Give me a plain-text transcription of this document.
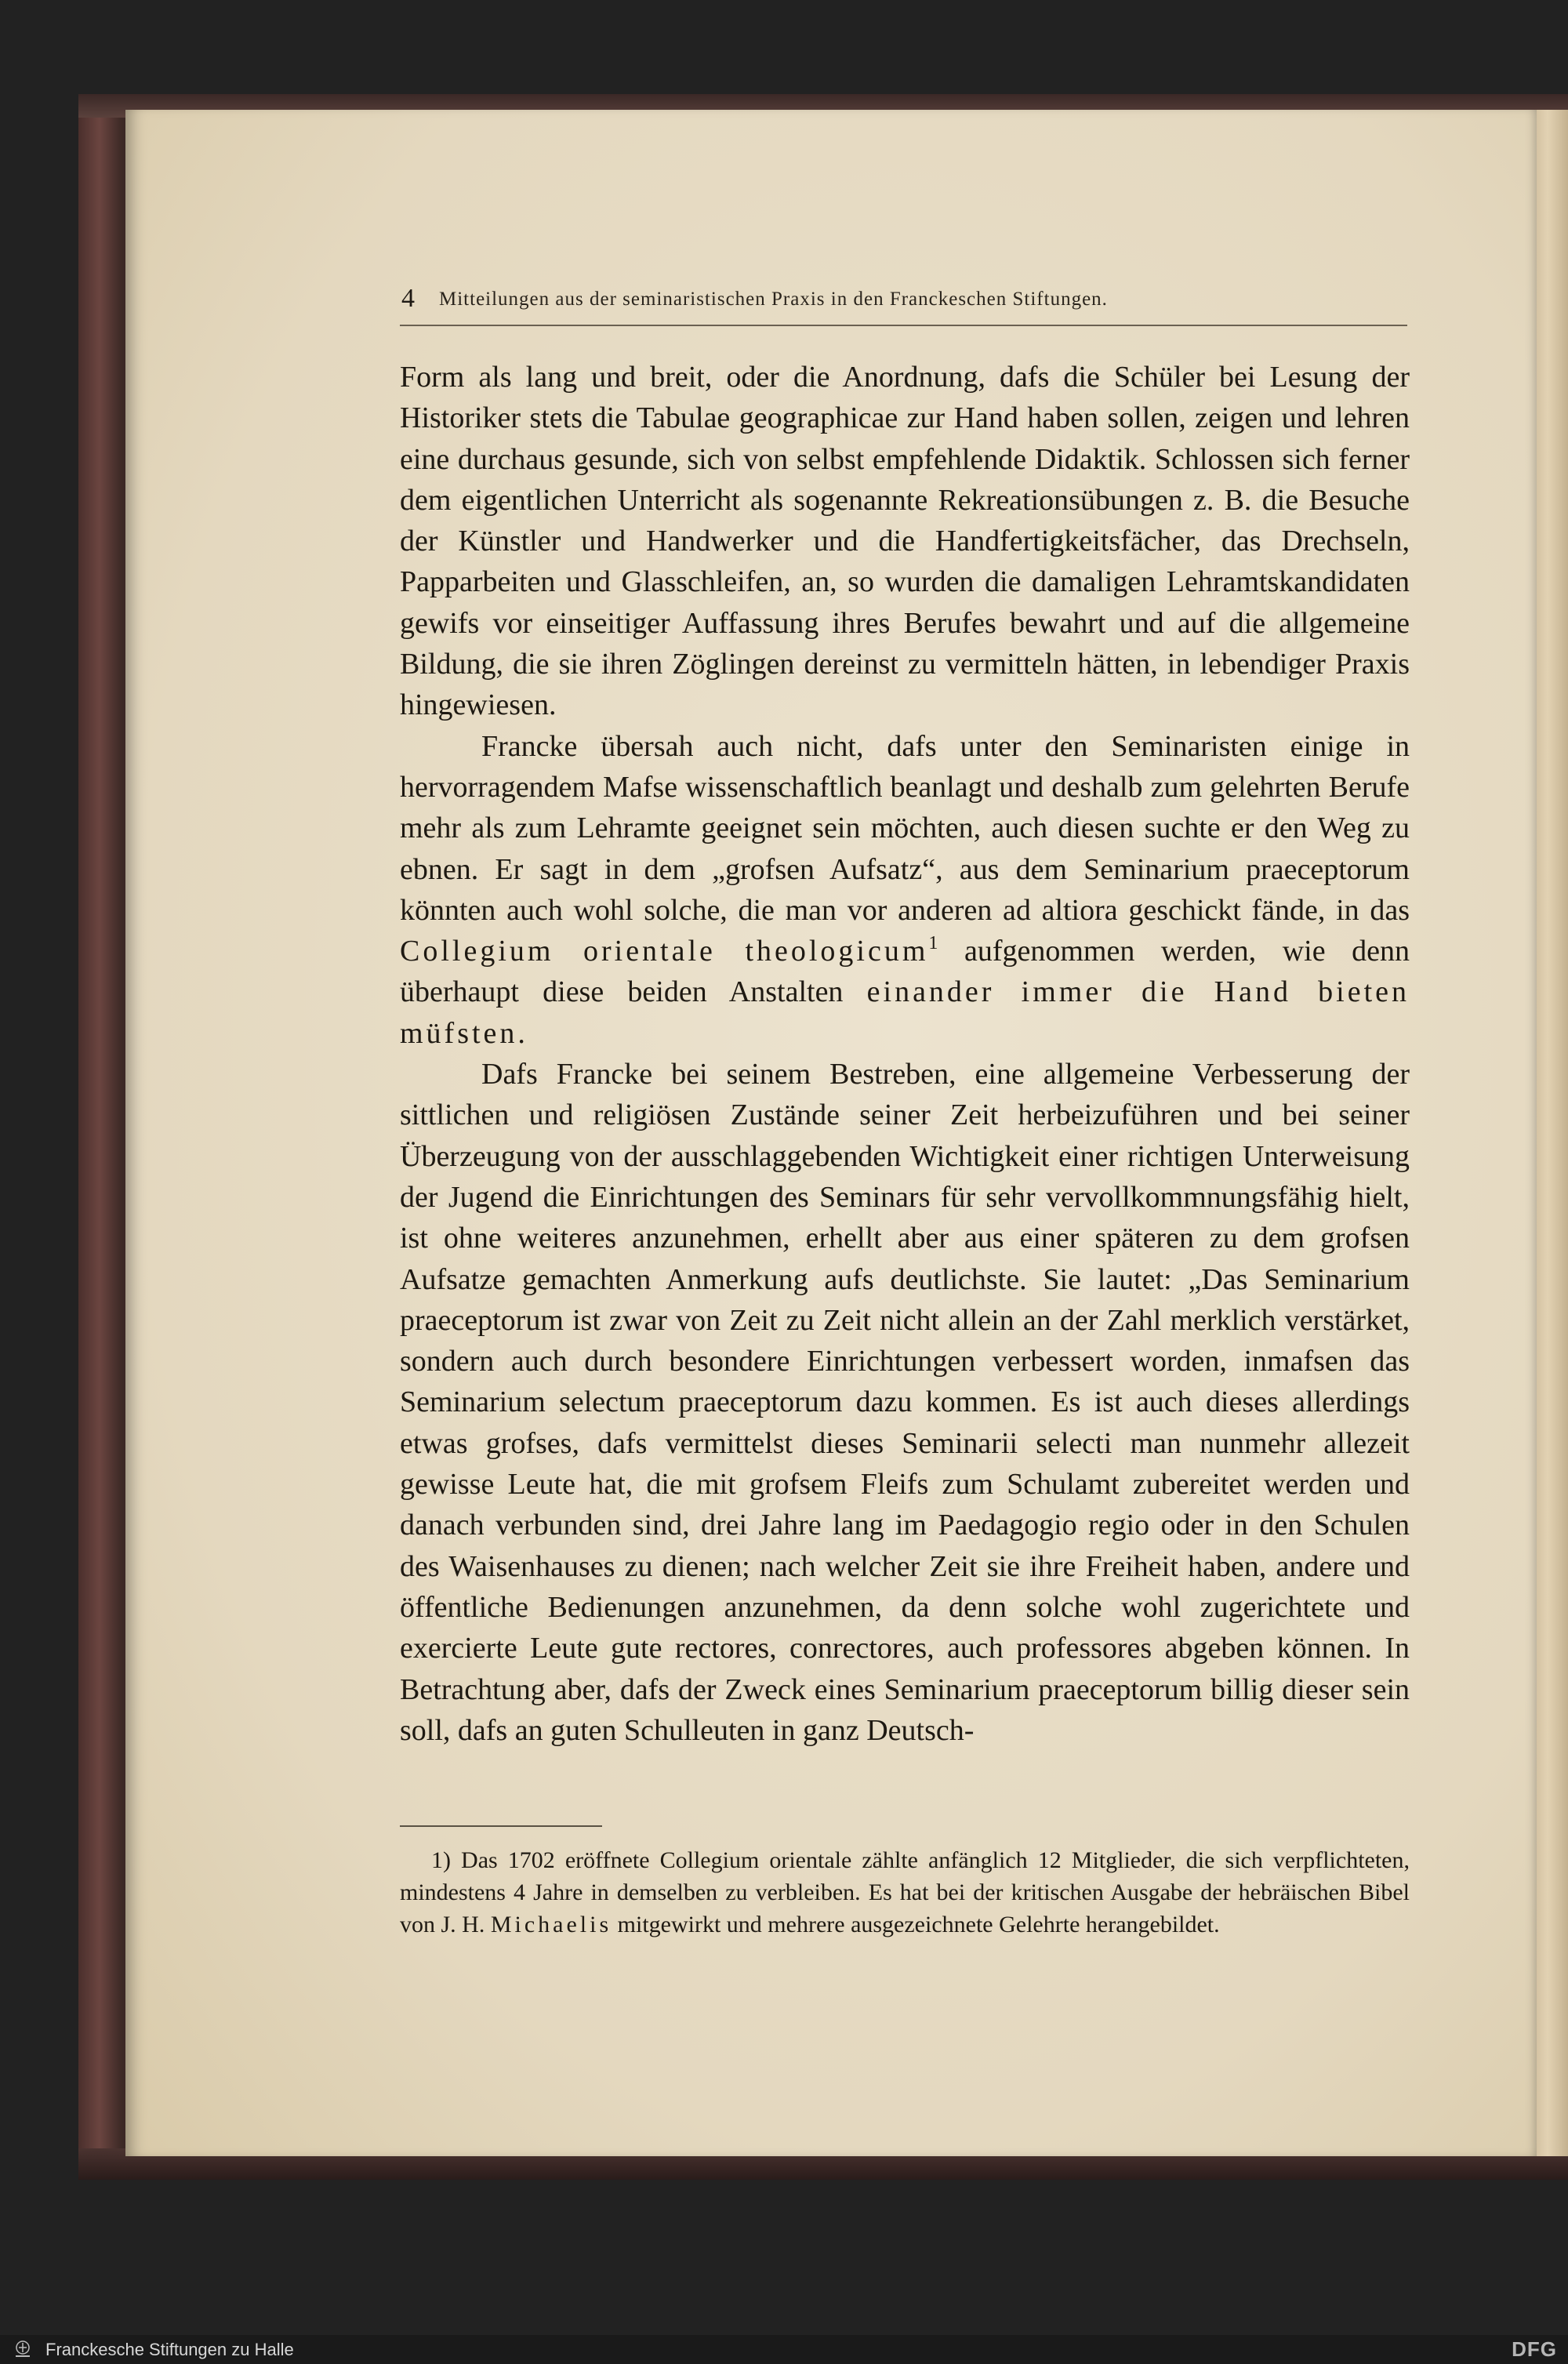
4 Mitteilungen aus der seminaristischen Praxis in den Franckeschen Stiftungen.

Form als lang und breit, oder die Anordnung, dafs die Schüler bei Lesung der Historiker stets die Tabulae geographicae zur Hand haben sollen, zeigen und lehren eine durchaus gesunde, sich von selbst empfehlende Didaktik. Schlossen sich ferner dem eigentlichen Unterricht als sogenannte Rekreationsübungen z. B. die Besuche der Künstler und Handwerker und die Handfertigkeitsfächer, das Drechseln, Papparbeiten und Glasschleifen, an, so wurden die damaligen Lehramtskandidaten gewifs vor einseitiger Auffassung ihres Berufes bewahrt und auf die allgemeine Bildung, die sie ihren Zöglingen dereinst zu vermitteln hätten, in lebendiger Praxis hingewiesen.

Francke übersah auch nicht, dafs unter den Seminaristen einige in hervorragendem Mafse wissenschaftlich beanlagt und deshalb zum gelehrten Berufe mehr als zum Lehramte geeignet sein möchten, auch diesen suchte er den Weg zu ebnen. Er sagt in dem „grofsen Aufsatz“, aus dem Seminarium praeceptorum könnten auch wohl solche, die man vor anderen ad altiora geschickt fände, in das Collegium orientale theologicum$^1$ aufgenommen werden, wie denn überhaupt diese beiden Anstalten einander immer die Hand bieten müfsten.

Dafs Francke bei seinem Bestreben, eine allgemeine Verbesserung der sittlichen und religiösen Zustände seiner Zeit herbeizuführen und bei seiner Überzeugung von der ausschlaggebenden Wichtigkeit einer richtigen Unterweisung der Jugend die Einrichtungen des Seminars für sehr vervollkommnungsfähig hielt, ist ohne weiteres anzunehmen, erhellt aber aus einer späteren zu dem grofsen Aufsatze gemachten Anmerkung aufs deutlichste. Sie lautet: „Das Seminarium praeceptorum ist zwar von Zeit zu Zeit nicht allein an der Zahl merklich verstärket, sondern auch durch besondere Einrichtungen verbessert worden, inmafsen das Seminarium selectum praeceptorum dazu kommen. Es ist auch dieses allerdings etwas grofses, dafs vermittelst dieses Seminarii selecti man nunmehr allezeit gewisse Leute hat, die mit grofsem Fleifs zum Schulamt zubereitet werden und danach verbunden sind, drei Jahre lang im Paedagogio regio oder in den Schulen des Waisenhauses zu dienen; nach welcher Zeit sie ihre Freiheit haben, andere und öffentliche Bedienungen anzunehmen, da denn solche wohl zugerichtete und exercierte Leute gute rectores, conrectores, auch professores abgeben können. In Betrachtung aber, dafs der Zweck eines Seminarium praeceptorum billig dieser sein soll, dafs an guten Schulleuten in ganz Deutsch-

1) Das 1702 eröffnete Collegium orientale zählte anfänglich 12 Mitglieder, die sich verpflichteten, mindestens 4 Jahre in demselben zu verbleiben. Es hat bei der kritischen Ausgabe der hebräischen Bibel von J. H. Michaelis mitgewirkt und mehrere ausgezeichnete Gelehrte herangebildet.

Franckesche Stiftungen zu Halle	DFG
